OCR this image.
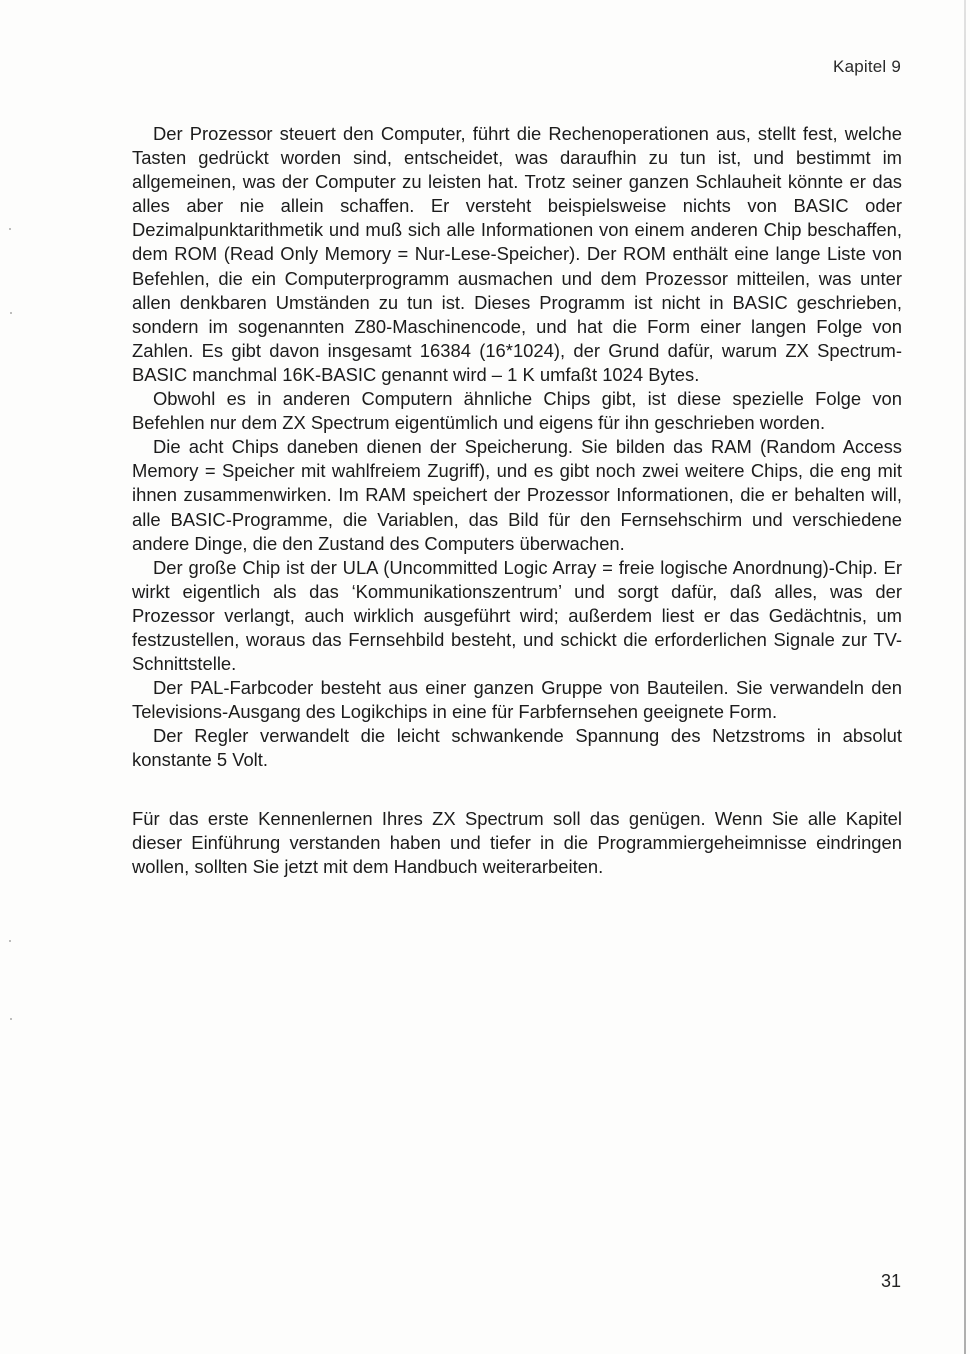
Kapitel 9

Der Prozessor steuert den Computer, führt die Rechenoperationen aus, stellt fest, welche Tasten gedrückt worden sind, entscheidet, was daraufhin zu tun ist, und bestimmt im allgemeinen, was der Computer zu leisten hat. Trotz seiner ganzen Schlauheit könnte er das alles aber nie allein schaffen. Er versteht beispielsweise nichts von BASIC oder Dezimalpunktarithmetik und muß sich alle Informationen von einem anderen Chip beschaffen, dem ROM (Read Only Memory = Nur-Lese-Speicher). Der ROM enthält eine lange Liste von Befehlen, die ein Computerprogramm ausmachen und dem Prozessor mitteilen, was unter allen denkbaren Umständen zu tun ist. Dieses Programm ist nicht in BASIC geschrieben, sondern im sogenannten Z80-Maschinencode, und hat die Form einer langen Folge von Zahlen. Es gibt davon insgesamt 16384 (16*1024), der Grund dafür, warum ZX Spectrum-BASIC manchmal 16K-BASIC genannt wird – 1 K umfaßt 1024 Bytes.

Obwohl es in anderen Computern ähnliche Chips gibt, ist diese spezielle Folge von Befehlen nur dem ZX Spectrum eigentümlich und eigens für ihn geschrieben worden.

Die acht Chips daneben dienen der Speicherung. Sie bilden das RAM (Random Access Memory = Speicher mit wahlfreiem Zugriff), und es gibt noch zwei weitere Chips, die eng mit ihnen zusammenwirken. Im RAM speichert der Prozessor Informationen, die er behalten will, alle BASIC-Programme, die Variablen, das Bild für den Fernsehschirm und verschiedene andere Dinge, die den Zustand des Computers überwachen.

Der große Chip ist der ULA (Uncommitted Logic Array = freie logische Anordnung)-Chip. Er wirkt eigentlich als das ‘Kommunikationszentrum’ und sorgt dafür, daß alles, was der Prozessor verlangt, auch wirklich ausgeführt wird; außerdem liest er das Gedächtnis, um festzustellen, woraus das Fernsehbild besteht, und schickt die erforderlichen Signale zur TV-Schnittstelle.

Der PAL-Farbcoder besteht aus einer ganzen Gruppe von Bauteilen. Sie verwandeln den Televisions-Ausgang des Logikchips in eine für Farbfernsehen geeignete Form.

Der Regler verwandelt die leicht schwankende Spannung des Netzstroms in absolut konstante 5 Volt.

Für das erste Kennenlernen Ihres ZX Spectrum soll das genügen. Wenn Sie alle Kapitel dieser Einführung verstanden haben und tiefer in die Programmiergeheimnisse eindringen wollen, sollten Sie jetzt mit dem Handbuch weiterarbeiten.

31
